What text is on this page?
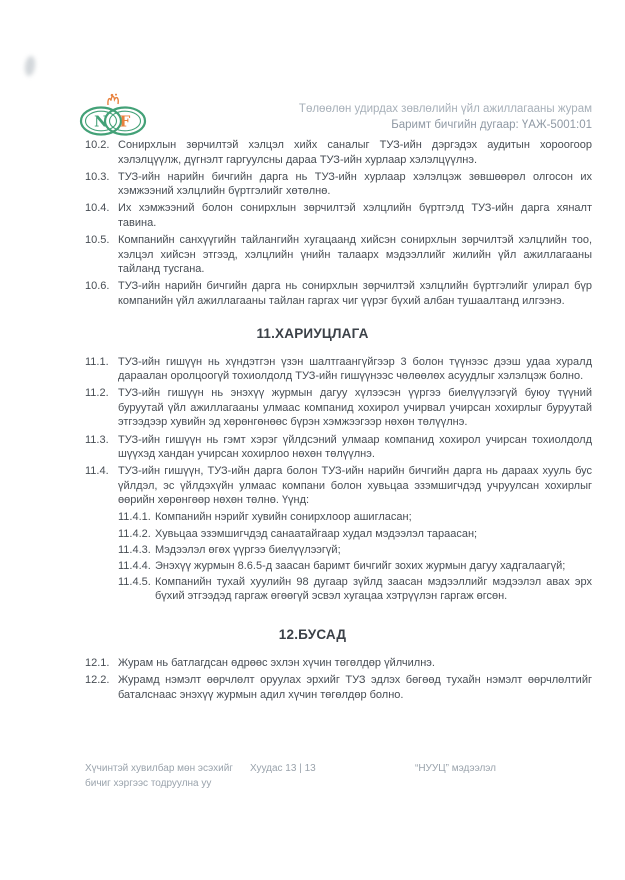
N F
Төлөөлөн удирдах зөвлөлийн үйл ажиллагааны журам
Баримт бичгийн дугаар: ҮАЖ-5001:01
10.2. Сонирхлын зөрчилтэй хэлцэл хийх саналыг ТУЗ-ийн дэргэдэх аудитын хороогоор хэлэлцүүлж, дүгнэлт гаргуулсны дараа ТУЗ-ийн хурлаар хэлэлцүүлнэ.
10.3. ТУЗ-ийн нарийн бичгийн дарга нь ТУЗ-ийн хурлаар хэлэлцэж зөвшөөрөл олгосон их хэмжээний хэлцлийн бүртгэлийг хөтөлнө.
10.4. Их хэмжээний болон сонирхлын зөрчилтэй хэлцлийн бүртгэлд ТУЗ-ийн дарга хяналт тавина.
10.5. Компанийн санхүүгийн тайлангийн хугацаанд хийсэн сонирхлын зөрчилтэй хэлцлийн тоо, хэлцэл хийсэн этгээд, хэлцлийн үнийн талаарх мэдээллийг жилийн үйл ажиллагааны тайланд тусгана.
10.6. ТУЗ-ийн нарийн бичгийн дарга нь сонирхлын зөрчилтэй хэлцлийн бүртгэлийг улирал бүр компанийн үйл ажиллагааны тайлан гаргах чиг үүрэг бүхий албан тушаалтанд илгээнэ.
11.ХАРИУЦЛАГА
11.1. ТУЗ-ийн гишүүн нь хүндэтгэн үзэн шалтгаангүйгээр 3 болон түүнээс дээш удаа хуралд дараалан оролцоогүй тохиолдолд ТУЗ-ийн гишүүнээс чөлөөлөх асуудлыг хэлэлцэж болно.
11.2. ТУЗ-ийн гишүүн нь энэхүү журмын дагуу хүлээсэн үүргээ биелүүлээгүй буюу түүний буруутай үйл ажиллагааны улмаас компанид хохирол учирвал учирсан хохирлыг буруутай этгээдээр хувийн эд хөрөнгөнөөс бүрэн хэмжээгээр нөхөн төлүүлнэ.
11.3. ТУЗ-ийн гишүүн нь гэмт хэрэг үйлдсэний улмаар компанид хохирол учирсан тохиолдолд шүүхэд хандан учирсан хохирлоо нөхөн төлүүлнэ.
11.4. ТУЗ-ийн гишүүн, ТУЗ-ийн дарга болон ТУЗ-ийн нарийн бичгийн дарга нь дараах хууль бус үйлдэл, эс үйлдэхүйн улмаас компани болон хувьцаа эзэмшигчдэд учруулсан хохирлыг өөрийн хөрөнгөөр нөхөн төлнө. Үүнд:
11.4.1. Компанийн нэрийг хувийн сонирхлоор ашигласан;
11.4.2. Хувьцаа эзэмшигчдэд санаатайгаар худал мэдээлэл тараасан;
11.4.3. Мэдээлэл өгөх үүргээ биелүүлээгүй;
11.4.4. Энэхүү журмын 8.6.5-д заасан баримт бичгийг зохих журмын дагуу хадгалаагүй;
11.4.5. Компанийн тухай хуулийн 98 дугаар зүйлд заасан мэдээллийг мэдээлэл авах эрх бүхий этгээдэд гаргаж өгөөгүй эсвэл хугацаа хэтрүүлэн гаргаж өгсөн.
12.БУСАД
12.1. Журам нь батлагдсан өдрөөс эхлэн хүчин төгөлдөр үйлчилнэ.
12.2. Журамд нэмэлт өөрчлөлт оруулах эрхийг ТУЗ эдлэх бөгөөд тухайн нэмэлт өөрчлөлтийг баталснаас энэхүү журмын адил хүчин төгөлдөр болно.
Хүчинтэй хувилбар мөн эсэхийг
бичиг хэргээс тодруулна уу
Хуудас 13 | 13	“НУУЦ” мэдээлэл
